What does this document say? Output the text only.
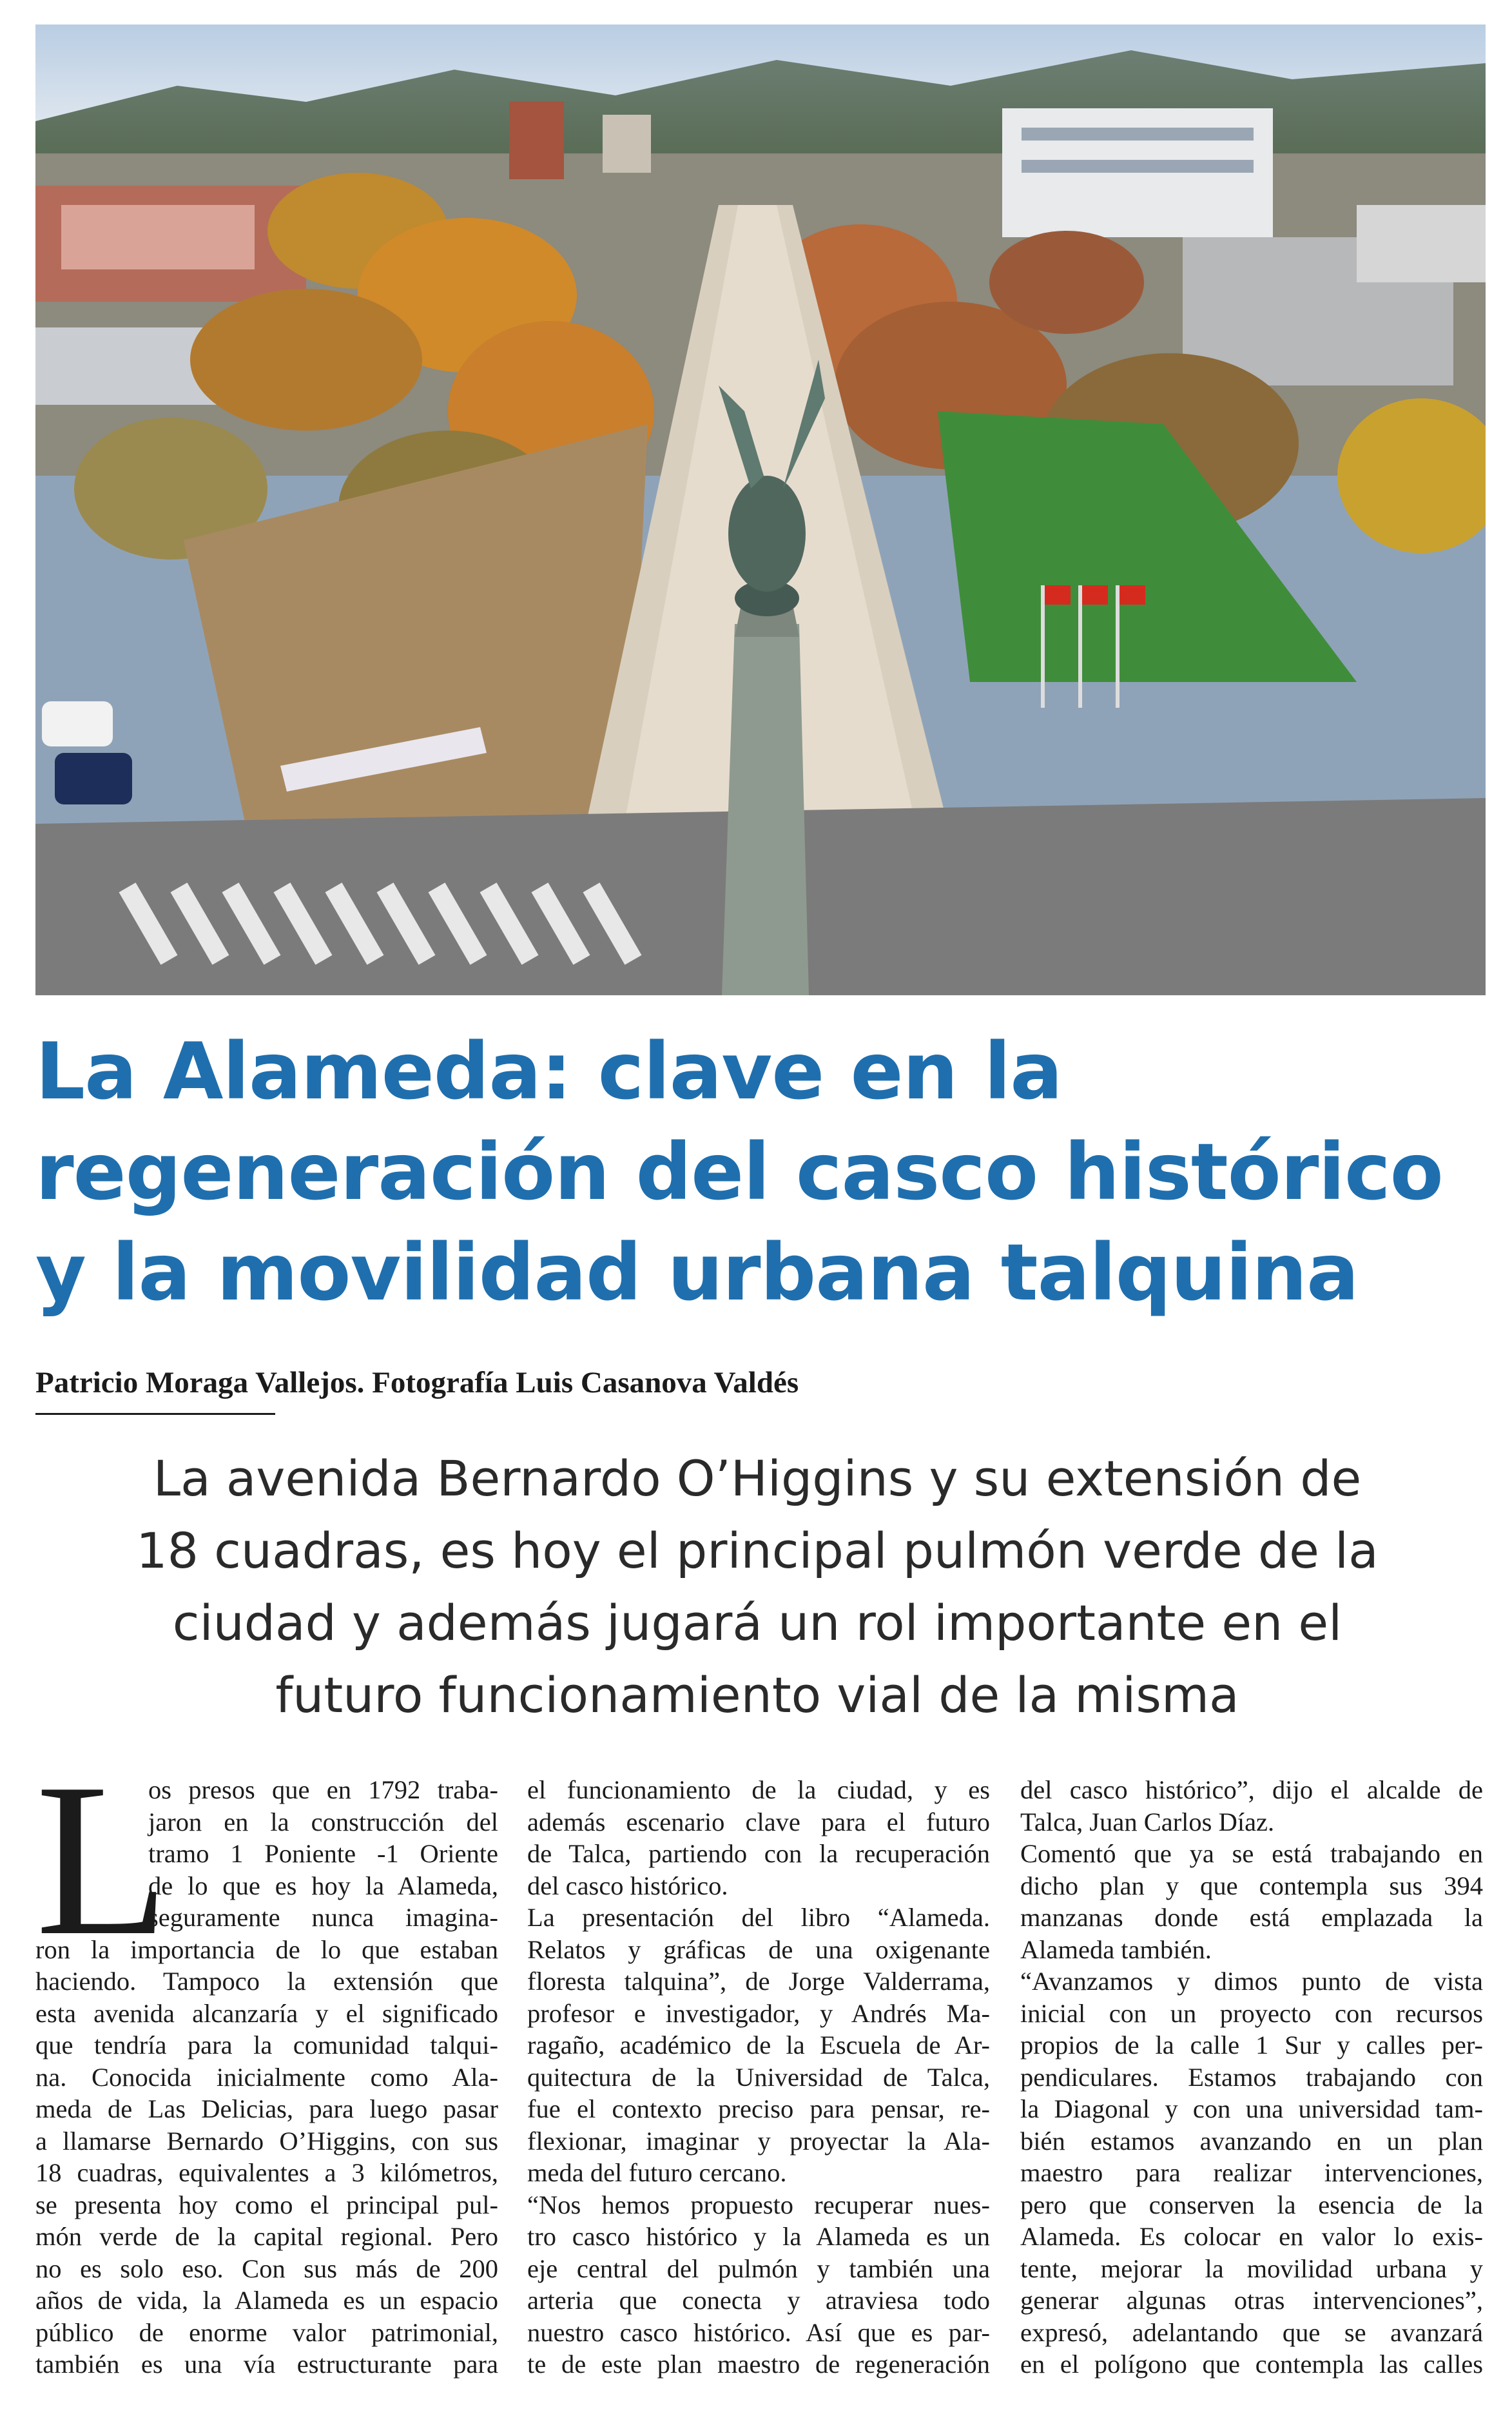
La Alameda: clave en la
regeneración del casco histórico
y la movilidad urbana talquina

Patricio Moraga Vallejos. Fotografía Luis Casanova Valdés

La avenida Bernardo O’Higgins y su extensión de
18 cuadras, es hoy el principal pulmón verde de la
ciudad y además jugará un rol importante en el
futuro funcionamiento vial de la misma
L
os presos que en 1792 traba-
jaron en la construcción del
tramo 1 Poniente -1 Oriente
de lo que es hoy la Alameda,
seguramente nunca imagina-
ron la importancia de lo que estaban
haciendo. Tampoco la extensión que
esta avenida alcanzaría y el significado
que tendría para la comunidad talqui-
na. Conocida inicialmente como Ala-
meda de Las Delicias, para luego pasar
a llamarse Bernardo O’Higgins, con sus
18 cuadras, equivalentes a 3 kilómetros,
se presenta hoy como el principal pul-
món verde de la capital regional. Pero
no es solo eso. Con sus más de 200
años de vida, la Alameda es un espacio
público de enorme valor patrimonial,
también es una vía estructurante para
el funcionamiento de la ciudad, y es
además escenario clave para el futuro
de Talca, partiendo con la recuperación
del casco histórico.
La presentación del libro “Alameda.
Relatos y gráficas de una oxigenante
floresta talquina”, de Jorge Valderrama,
profesor e investigador, y Andrés Ma-
ragaño, académico de la Escuela de Ar-
quitectura de la Universidad de Talca,
fue el contexto preciso para pensar, re-
flexionar, imaginar y proyectar la Ala-
meda del futuro cercano.
“Nos hemos propuesto recuperar nues-
tro casco histórico y la Alameda es un
eje central del pulmón y también una
arteria que conecta y atraviesa todo
nuestro casco histórico. Así que es par-
te de este plan maestro de regeneración
del casco histórico”, dijo el alcalde de
Talca, Juan Carlos Díaz.
Comentó que ya se está trabajando en
dicho plan y que contempla sus 394
manzanas donde está emplazada la
Alameda también.
“Avanzamos y dimos punto de vista
inicial con un proyecto con recursos
propios de la calle 1 Sur y calles per-
pendiculares. Estamos trabajando con
la Diagonal y con una universidad tam-
bién estamos avanzando en un plan
maestro para realizar intervenciones,
pero que conserven la esencia de la
Alameda. Es colocar en valor lo exis-
tente, mejorar la movilidad urbana y
generar algunas otras intervenciones”,
expresó, adelantando que se avanzará
en el polígono que contempla las calles
